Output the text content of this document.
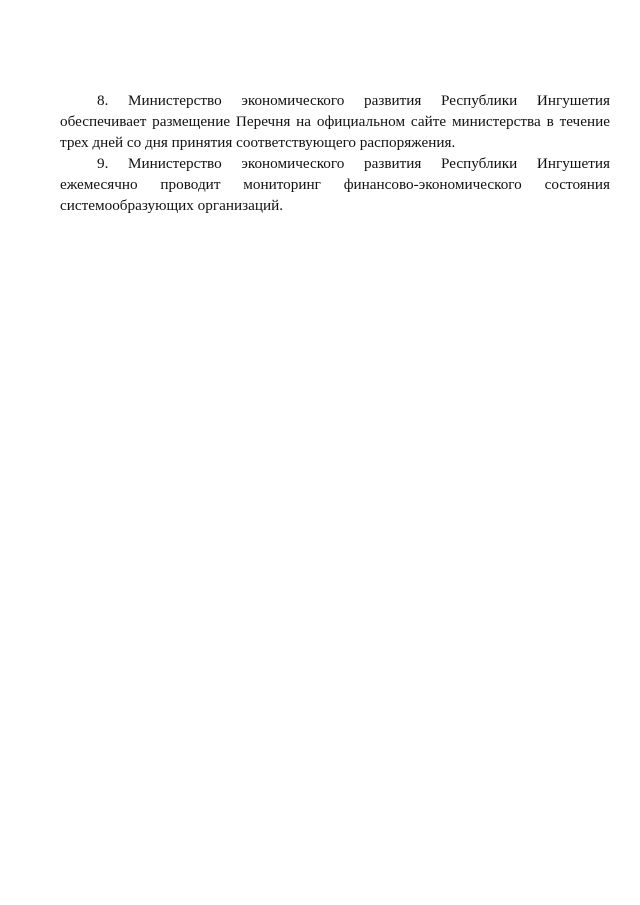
8. Министерство экономического развития Республики Ингушетия
обеспечивает размещение Перечня на официальном сайте министерства в течение
трех дней со дня принятия соответствующего распоряжения.
9. Министерство экономического развития Республики Ингушетия
ежемесячно проводит мониторинг финансово-экономического состояния
системообразующих организаций.
